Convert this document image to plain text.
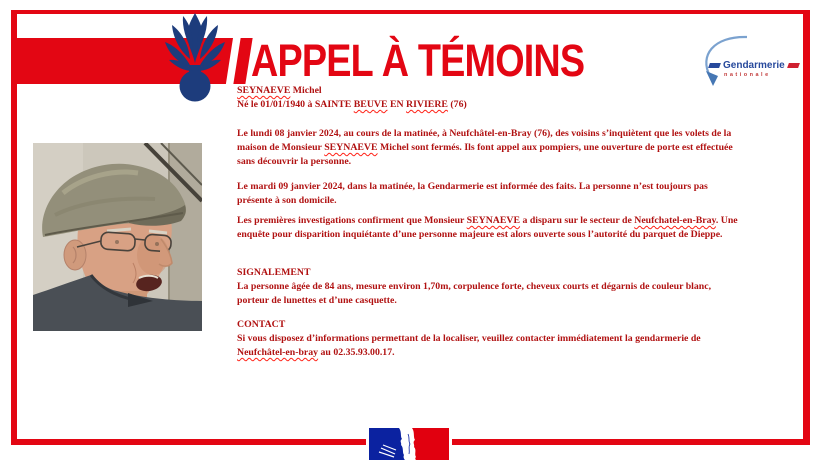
APPEL À TÉMOINS	Gendarmerie
nationale
SEYNAEVE Michel
Né le 01/01/1940 à SAINTE BEUVE EN RIVIERE (76)

Le lundi 08 janvier 2024, au cours de la matinée, à Neufchâtel-en-Bray (76), des voisins s’inquiètent que les volets de la
maison de Monsieur SEYNAEVE Michel sont fermés. Ils font appel aux pompiers, une ouverture de porte est effectuée
sans découvrir la personne.

Le mardi 09 janvier 2024, dans la matinée, la Gendarmerie est informée des faits. La personne n’est toujours pas
présente à son domicile.

Les premières investigations confirment que Monsieur SEYNAEVE a disparu sur le secteur de Neufchatel-en-Bray. Une
enquête pour disparition inquiétante d’une personne majeure est alors ouverte sous l’autorité du parquet de Dieppe.

SIGNALEMENT

La personne âgée de 84 ans, mesure environ 1,70m, corpulence forte, cheveux courts et dégarnis de couleur blanc,
porteur de lunettes et d’une casquette.

CONTACT

Si vous disposez d’informations permettant de la localiser, veuillez contacter immédiatement la gendarmerie de
Neufchâtel-en-bray au 02.35.93.00.17.
